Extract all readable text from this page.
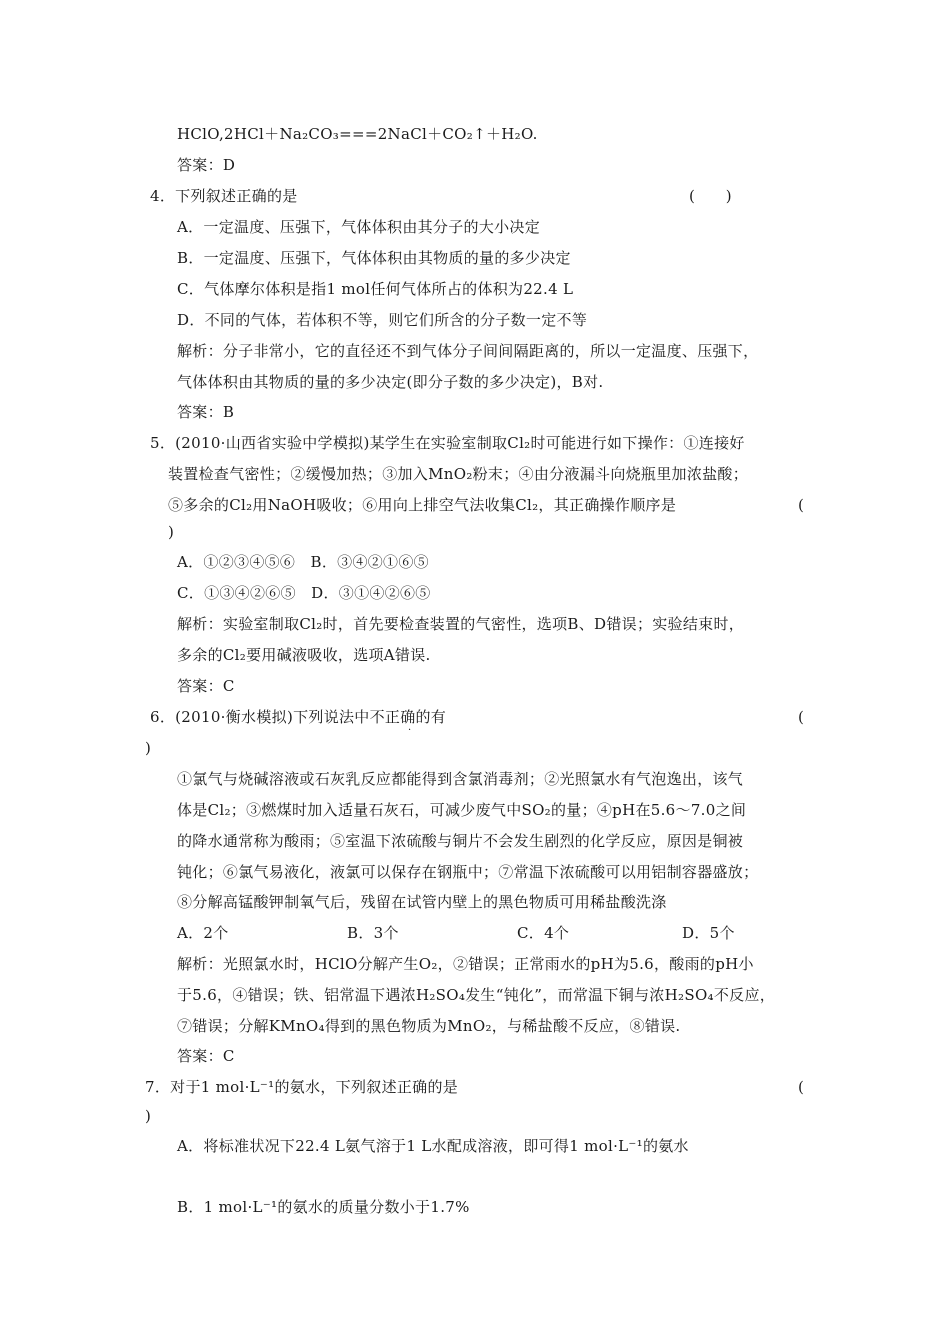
HClO,2HCl＋Na₂CO₃===2NaCl＋CO₂↑＋H₂O.
答案：D
4．下列叙述正确的是	(　　)
A．一定温度、压强下，气体体积由其分子的大小决定
B．一定温度、压强下，气体体积由其物质的量的多少决定
C．气体摩尔体积是指1 mol任何气体所占的体积为22.4 L
D．不同的气体，若体积不等，则它们所含的分子数一定不等
解析：分子非常小，它的直径还不到气体分子间间隔距离的，所以一定温度、压强下，
气体体积由其物质的量的多少决定(即分子数的多少决定)，B对.
答案：B
5．(2010·山西省实验中学模拟)某学生在实验室制取Cl₂时可能进行如下操作：①连接好
装置检查气密性；②缓慢加热；③加入MnO₂粉末；④由分液漏斗向烧瓶里加浓盐酸；
⑤多余的Cl₂用NaOH吸收；⑥用向上排空气法收集Cl₂，其正确操作顺序是	(
)
A．①②③④⑤⑥　B．③④②①⑥⑤
C．①③④②⑥⑤　D．③①④②⑥⑤
解析：实验室制取Cl₂时，首先要检查装置的气密性，选项B、D错误；实验结束时，
多余的Cl₂要用碱液吸收，选项A错误.
答案：C
6．(2010·衡水模拟)下列说法中不正确的有
·
(
)
①氯气与烧碱溶液或石灰乳反应都能得到含氯消毒剂；②光照氯水有气泡逸出，该气
体是Cl₂；③燃煤时加入适量石灰石，可减少废气中SO₂的量；④pH在5.6～7.0之间
的降水通常称为酸雨；⑤室温下浓硫酸与铜片不会发生剧烈的化学反应，原因是铜被
钝化；⑥氯气易液化，液氯可以保存在钢瓶中；⑦常温下浓硫酸可以用铝制容器盛放；
⑧分解高锰酸钾制氧气后，残留在试管内壁上的黑色物质可用稀盐酸洗涤
A．2个	B．3个	C．4个	D．5个
解析：光照氯水时，HClO分解产生O₂，②错误；正常雨水的pH为5.6，酸雨的pH小
于5.6，④错误；铁、铝常温下遇浓H₂SO₄发生“钝化”，而常温下铜与浓H₂SO₄不反应，
⑦错误；分解KMnO₄得到的黑色物质为MnO₂，与稀盐酸不反应，⑧错误.
答案：C
7．对于1 mol·L⁻¹的氨水，下列叙述正确的是	(
)
A．将标准状况下22.4 L氨气溶于1 L水配成溶液，即可得1 mol·L⁻¹的氨水
B．1 mol·L⁻¹的氨水的质量分数小于1.7%
